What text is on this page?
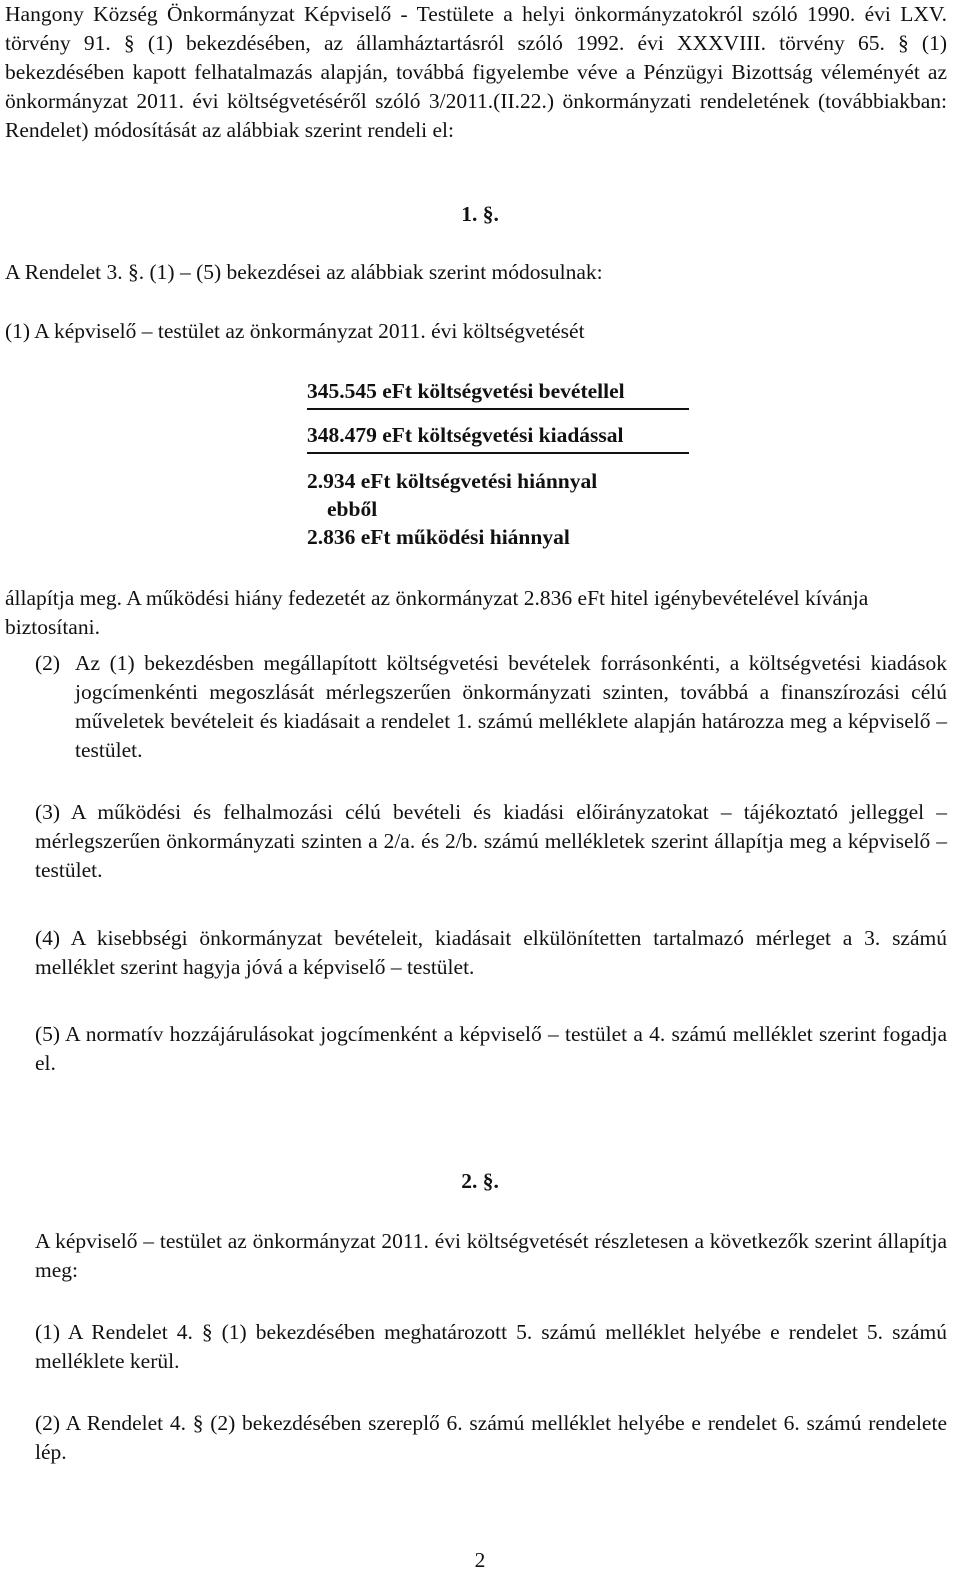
Hangony Község Önkormányzat Képviselő - Testülete a helyi önkormányzatokról szóló 1990. évi LXV. törvény 91. § (1) bekezdésében, az államháztartásról szóló 1992. évi XXXVIII. törvény 65. § (1) bekezdésében kapott felhatalmazás alapján, továbbá figyelembe véve a Pénzügyi Bizottság véleményét az önkormányzat 2011. évi költségvetéséről szóló 3/2011.(II.22.) önkormányzati rendeletének (továbbiakban: Rendelet) módosítását az alábbiak szerint rendeli el:

1. §.

A Rendelet 3. §. (1) – (5) bekezdései az alábbiak szerint módosulnak:

(1) A képviselő – testület az önkormányzat 2011. évi költségvetését

345.545 eFt költségvetési bevétellel

348.479 eFt költségvetési kiadással

2.934 eFt költségvetési hiánnyal

ebből

2.836 eFt működési hiánnyal

állapítja meg. A működési hiány fedezetét az önkormányzat 2.836 eFt hitel igénybevételével kívánja biztosítani.

(2) Az (1) bekezdésben megállapított költségvetési bevételek forrásonkénti, a költségvetési kiadások jogcímenkénti megoszlását mérlegszerűen önkormányzati szinten, továbbá a finanszírozási célú műveletek bevételeit és kiadásait a rendelet 1. számú melléklete alapján határozza meg a képviselő – testület.

(3) A működési és felhalmozási célú bevételi és kiadási előirányzatokat – tájékoztató jelleggel – mérlegszerűen önkormányzati szinten a 2/a. és 2/b. számú mellékletek szerint állapítja meg a képviselő – testület.

(4) A kisebbségi önkormányzat bevételeit, kiadásait elkülönítetten tartalmazó mérleget a 3. számú melléklet szerint hagyja jóvá a képviselő – testület.

(5) A normatív hozzájárulásokat jogcímenként a képviselő – testület a 4. számú melléklet szerint fogadja el.

2. §.

A képviselő – testület az önkormányzat 2011. évi költségvetését részletesen a következők szerint állapítja meg:

(1) A Rendelet 4. § (1) bekezdésében meghatározott 5. számú melléklet helyébe e rendelet 5. számú melléklete kerül.

(2) A Rendelet 4. § (2) bekezdésében szereplő 6. számú melléklet helyébe e rendelet 6. számú rendelete lép.

2
